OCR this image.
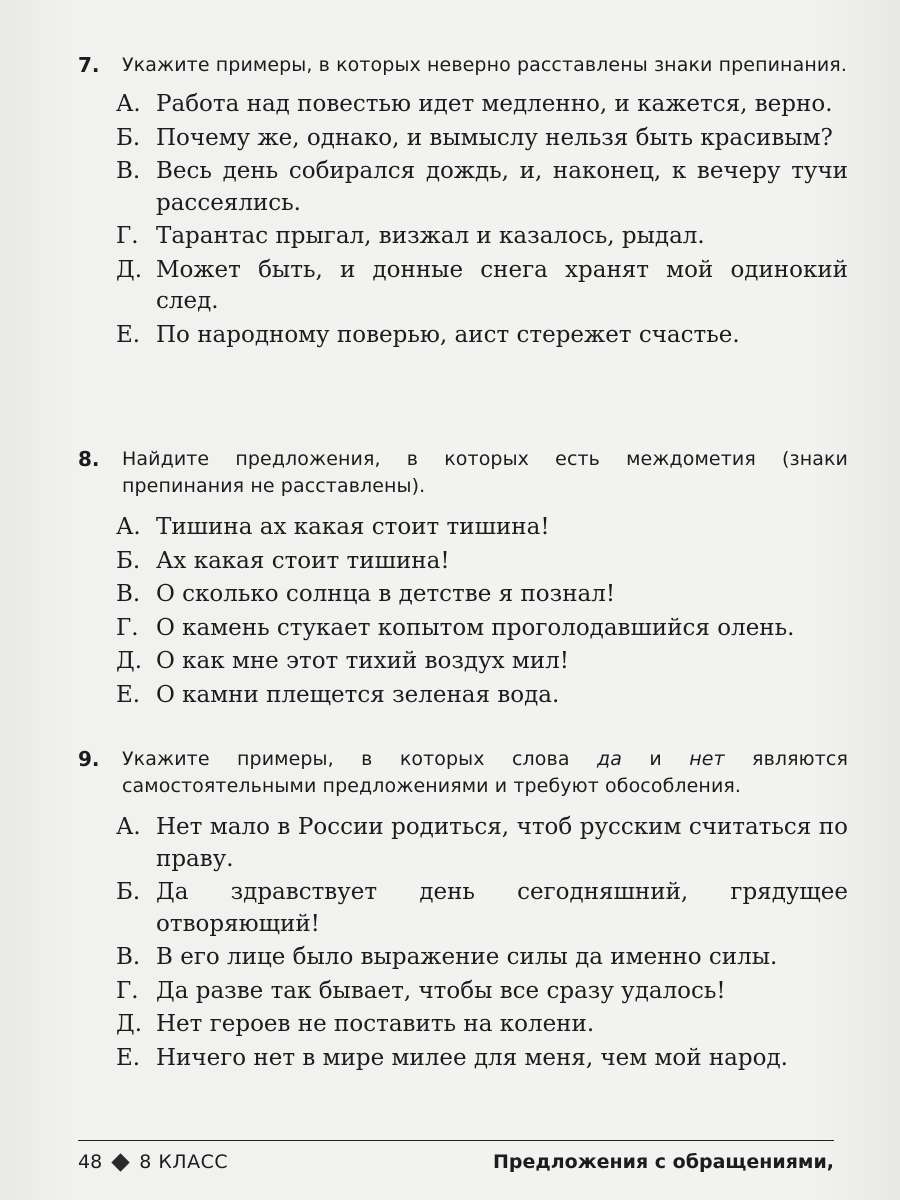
7.	Укажите примеры, в которых неверно расставлены знаки препинания.
А. Работа над повестью идет медленно, и кажется, верно.
Б. Почему же, однако, и вымыслу нельзя быть красивым?
В. Весь день собирался дождь, и, наконец, к вечеру тучи рассеялись.
Г. Тарантас прыгал, визжал и казалось, рыдал.
Д. Может быть, и донные снега хранят мой одинокий след.
Е. По народному поверью, аист стережет счастье.
8.	Найдите предложения, в которых есть междометия (знаки препинания не расставлены).
А. Тишина ах какая стоит тишина!
Б. Ах какая стоит тишина!
В. О сколько солнца в детстве я познал!
Г. О камень стукает копытом проголодавшийся олень.
Д. О как мне этот тихий воздух мил!
Е. О камни плещется зеленая вода.
9.	Укажите примеры, в которых слова да и нет являются самостоятельными предложениями и требуют обособления.
А. Нет мало в России родиться, чтоб русским считаться по праву.
Б. Да здравствует день сегодняшний, грядущее отворяющий!
В. В его лице было выражение силы да именно силы.
Г. Да разве так бывает, чтобы все сразу удалось!
Д. Нет героев не поставить на колени.
Е. Ничего нет в мире милее для меня, чем мой народ.
48 8 КЛАСС	Предложения с обращениями,
